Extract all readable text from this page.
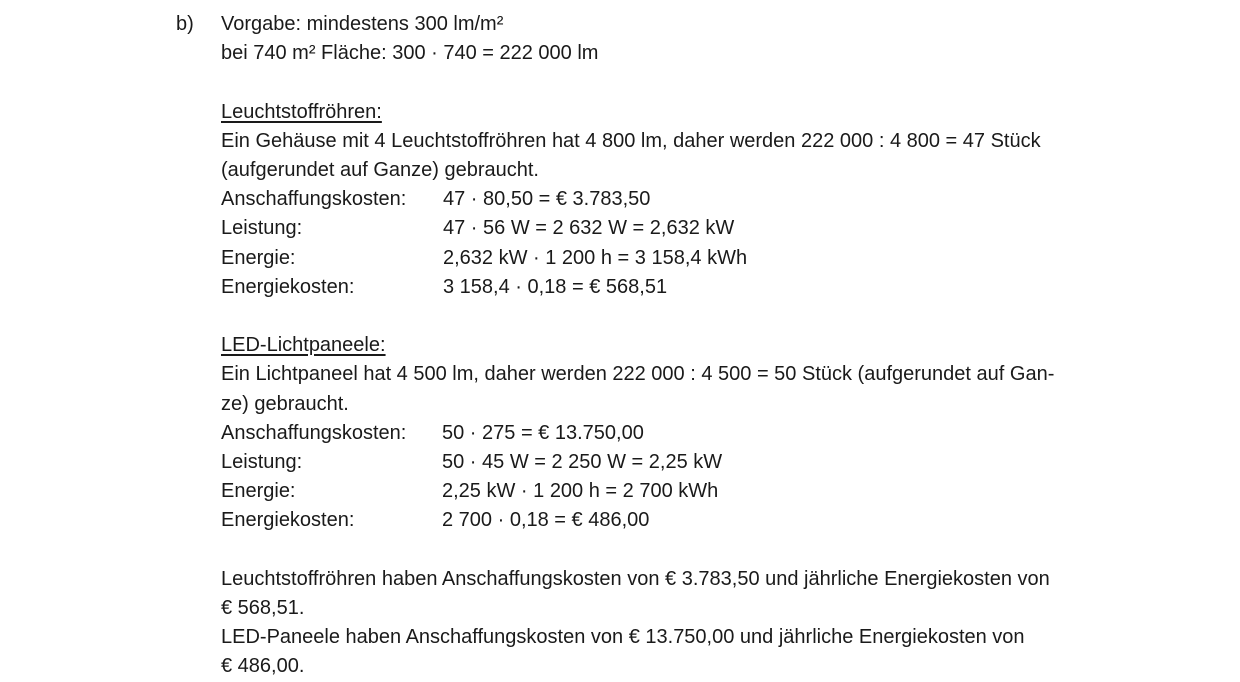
b) Vorgabe: mindestens 300 lm/m²
bei 740 m² Fläche: 300 · 740 = 222 000 lm
Leuchtstoffröhren:
Ein Gehäuse mit 4 Leuchtstoffröhren hat 4 800 lm, daher werden 222 000 : 4 800 = 47 Stück
(aufgerundet auf Ganze) gebraucht.
Anschaffungskosten:	47 · 80,50 = € 3.783,50
Leistung:	47 · 56 W = 2 632 W = 2,632 kW
Energie:	2,632 kW · 1 200 h = 3 158,4 kWh
Energiekosten:	3 158,4 · 0,18 = € 568,51
LED-Lichtpaneele:
Ein Lichtpaneel hat 4 500 lm, daher werden 222 000 : 4 500 = 50 Stück (aufgerundet auf Gan-
ze) gebraucht.
Anschaffungskosten:	50 · 275 = € 13.750,00
Leistung:	50 · 45 W = 2 250 W = 2,25 kW
Energie:	2,25 kW · 1 200 h = 2 700 kWh
Energiekosten:	2 700 · 0,18 = € 486,00
Leuchtstoffröhren haben Anschaffungskosten von € 3.783,50 und jährliche Energiekosten von
€ 568,51.
LED-Paneele haben Anschaffungskosten von € 13.750,00 und jährliche Energiekosten von
€ 486,00.
